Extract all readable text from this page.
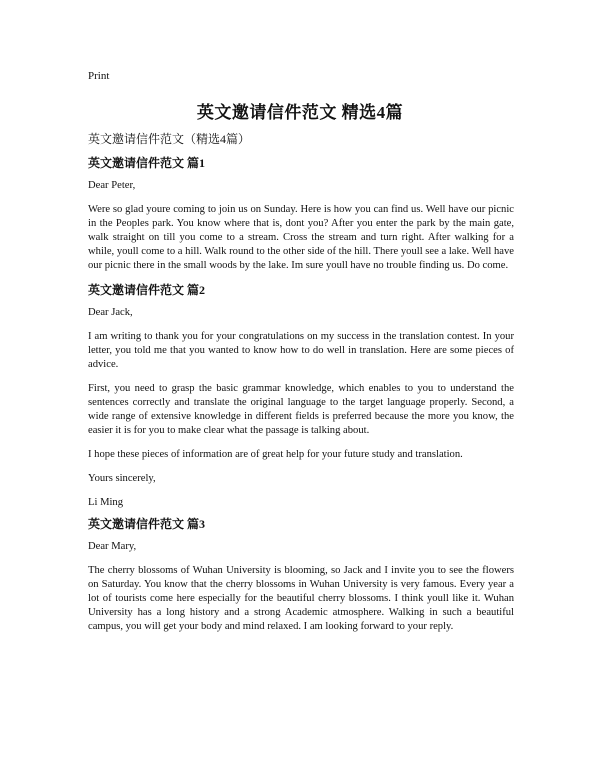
Print
英文邀请信件范文 精选4篇
英文邀请信件范文（精选4篇）
英文邀请信件范文 篇1

Dear Peter,

Were so glad youre coming to join us on Sunday. Here is how you can find us. Well have our picnic in the Peoples park. You know where that is, dont you? After you enter the park by the main gate, walk straight on till you come to a stream. Cross the stream and turn right. After walking for a while, youll come to a hill. Walk round to the other side of the hill. There youll see a lake. Well have our picnic there in the small woods by the lake. Im sure youll have no trouble finding us. Do come.

英文邀请信件范文 篇2

Dear Jack,

I am writing to thank you for your congratulations on my success in the translation contest. In your letter, you told me that you wanted to know how to do well in translation. Here are some pieces of advice.

First, you need to grasp the basic grammar knowledge, which enables to you to understand the sentences correctly and translate the original language to the target language properly. Second, a wide range of extensive knowledge in different fields is preferred because the more you know, the easier it is for you to make clear what the passage is talking about.

I hope these pieces of information are of great help for your future study and translation.

Yours sincerely,

Li Ming

英文邀请信件范文 篇3

Dear Mary,

The cherry blossoms of Wuhan University is blooming, so Jack and I invite you to see the flowers on Saturday. You know that the cherry blossoms in Wuhan University is very famous. Every year a lot of tourists come here especially for the beautiful cherry blossoms. I think youll like it. Wuhan University has a long history and a strong Academic atmosphere. Walking in such a beautiful campus, you will get your body and mind relaxed. I am looking forward to your reply.
